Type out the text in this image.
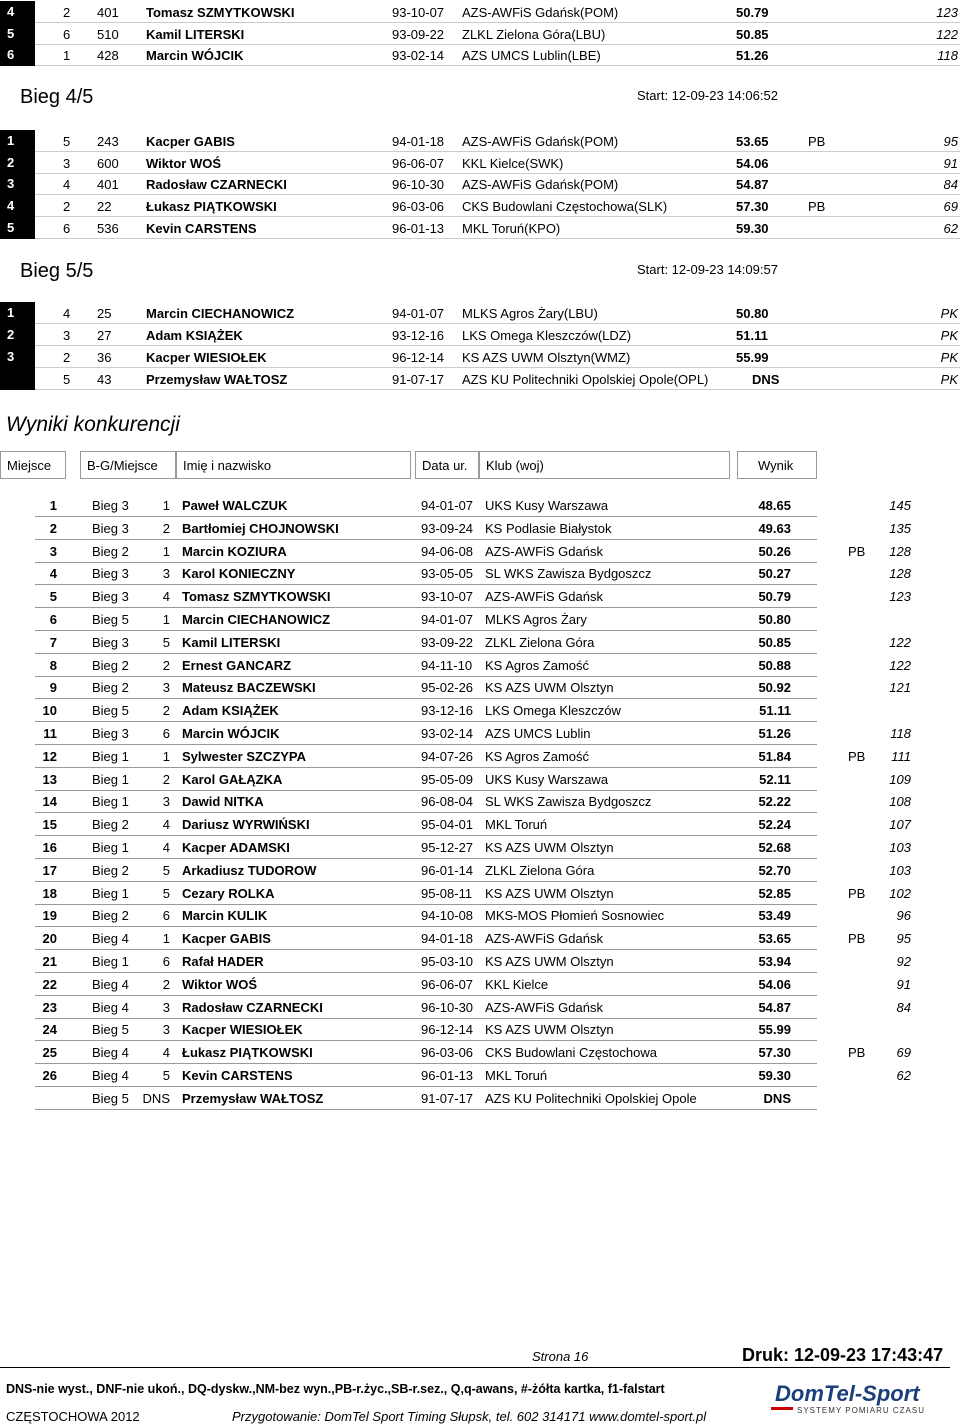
4	2 401 Tomasz SZMYTKOWSKI	93-10-07 AZS-AWFiS Gdańsk(POM)	50.79	123
5	6 510 Kamil LITERSKI	93-09-22 ZLKL Zielona Góra(LBU)	50.85	122
6	1 428 Marcin WÓJCIK	93-02-14 AZS UMCS Lublin(LBE)	51.26	118
1	5 243 Kacper GABIS	94-01-18 AZS-AWFiS Gdańsk(POM)	53.65	PB	95
2	3 600 Wiktor WOŚ	96-06-07 KKL Kielce(SWK)	54.06	91
3	4 401 Radosław CZARNECKI	96-10-30 AZS-AWFiS Gdańsk(POM)	54.87	84
4	2 22	Łukasz PIĄTKOWSKI	96-03-06 CKS Budowlani Częstochowa(SLK)	57.30	PB	69
5	6 536 Kevin CARSTENS	96-01-13 MKL Toruń(KPO)	59.30	62
1	4 25	Marcin CIECHANOWICZ	94-01-07 MLKS Agros Żary(LBU)	50.80	PK
2	3 27	Adam KSIĄŻEK	93-12-16 LKS Omega Kleszczów(LDZ)	51.11	PK
3	2 36	Kacper WIESIOŁEK	96-12-14 KS AZS UWM Olsztyn(WMZ)	55.99	PK
5 43	Przemysław WAŁTOSZ	91-07-17 AZS KU Politechniki Opolskiej Opole(OPL)	DNS	PK
Bieg 4/5	Start: 12-09-23 14:06:52
Bieg 5/5	Start: 12-09-23 14:09:57
Wyniki konkurencji
Miejsce	B-G/Miejsce Imię i nazwisko	Data ur. Klub (woj)	Wynik
1	Bieg 3	1 Paweł WALCZUK	94-01-07 UKS Kusy Warszawa	48.65	145
2	Bieg 3	2 Bartłomiej CHOJNOWSKI	93-09-24 KS Podlasie Białystok	49.63	135
3	Bieg 2	1 Marcin KOZIURA	94-06-08 AZS-AWFiS Gdańsk	50.26	PB 128
4	Bieg 3	3 Karol KONIECZNY	93-05-05 SL WKS Zawisza Bydgoszcz	50.27	128
5	Bieg 3	4 Tomasz SZMYTKOWSKI	93-10-07 AZS-AWFiS Gdańsk	50.79	123
6	Bieg 5	1 Marcin CIECHANOWICZ	94-01-07 MLKS Agros Żary	50.80
7	Bieg 3	5 Kamil LITERSKI	93-09-22 ZLKL Zielona Góra	50.85	122
8	Bieg 2	2 Ernest GANCARZ	94-11-10 KS Agros Zamość	50.88	122
9	Bieg 2	3 Mateusz BACZEWSKI	95-02-26 KS AZS UWM Olsztyn	50.92	121
10	Bieg 5	2 Adam KSIĄŻEK	93-12-16 LKS Omega Kleszczów	51.11
11	Bieg 3	6 Marcin WÓJCIK	93-02-14 AZS UMCS Lublin	51.26	118
12	Bieg 1	1 Sylwester SZCZYPA	94-07-26 KS Agros Zamość	51.84	PB 111
13	Bieg 1	2 Karol GAŁĄZKA	95-05-09 UKS Kusy Warszawa	52.11	109
14	Bieg 1	3 Dawid NITKA	96-08-04 SL WKS Zawisza Bydgoszcz	52.22	108
15	Bieg 2	4 Dariusz WYRWIŃSKI	95-04-01 MKL Toruń	52.24	107
16	Bieg 1	4 Kacper ADAMSKI	95-12-27 KS AZS UWM Olsztyn	52.68	103
17	Bieg 2	5 Arkadiusz TUDOROW	96-01-14 ZLKL Zielona Góra	52.70	103
18	Bieg 1	5 Cezary ROLKA	95-08-11 KS AZS UWM Olsztyn	52.85	PB 102
19	Bieg 2	6 Marcin KULIK	94-10-08 MKS-MOS Płomień Sosnowiec	53.49	96
20	Bieg 4	1 Kacper GABIS	94-01-18 AZS-AWFiS Gdańsk	53.65	PB 95
21	Bieg 1	6 Rafał HADER	95-03-10 KS AZS UWM Olsztyn	53.94	92
22	Bieg 4	2 Wiktor WOŚ	96-06-07 KKL Kielce	54.06	91
23	Bieg 4	3 Radosław CZARNECKI	96-10-30 AZS-AWFiS Gdańsk	54.87	84
24	Bieg 5	3 Kacper WIESIOŁEK	96-12-14 KS AZS UWM Olsztyn	55.99
25	Bieg 4	4 Łukasz PIĄTKOWSKI	96-03-06 CKS Budowlani Częstochowa	57.30	PB 69
26	Bieg 4	5 Kevin CARSTENS	96-01-13 MKL Toruń	59.30	62
Bieg 5 DNS Przemysław WAŁTOSZ	91-07-17 AZS KU Politechniki Opolskiej Opole	DNS
Strona 16	Druk: 12-09-23 17:43:47
DNS-nie wyst., DNF-nie ukoń., DQ-dyskw.,NM-bez wyn.,PB-r.życ.,SB-r.sez., Q,q-awans, #-żółta kartka, f1-falstart
CZĘSTOCHOWA 2012	Przygotowanie: DomTel Sport Timing Słupsk, tel. 602 314171 www.domtel-sport.pl
DomTel-Sport
SYSTEMY POMIARU CZASU
